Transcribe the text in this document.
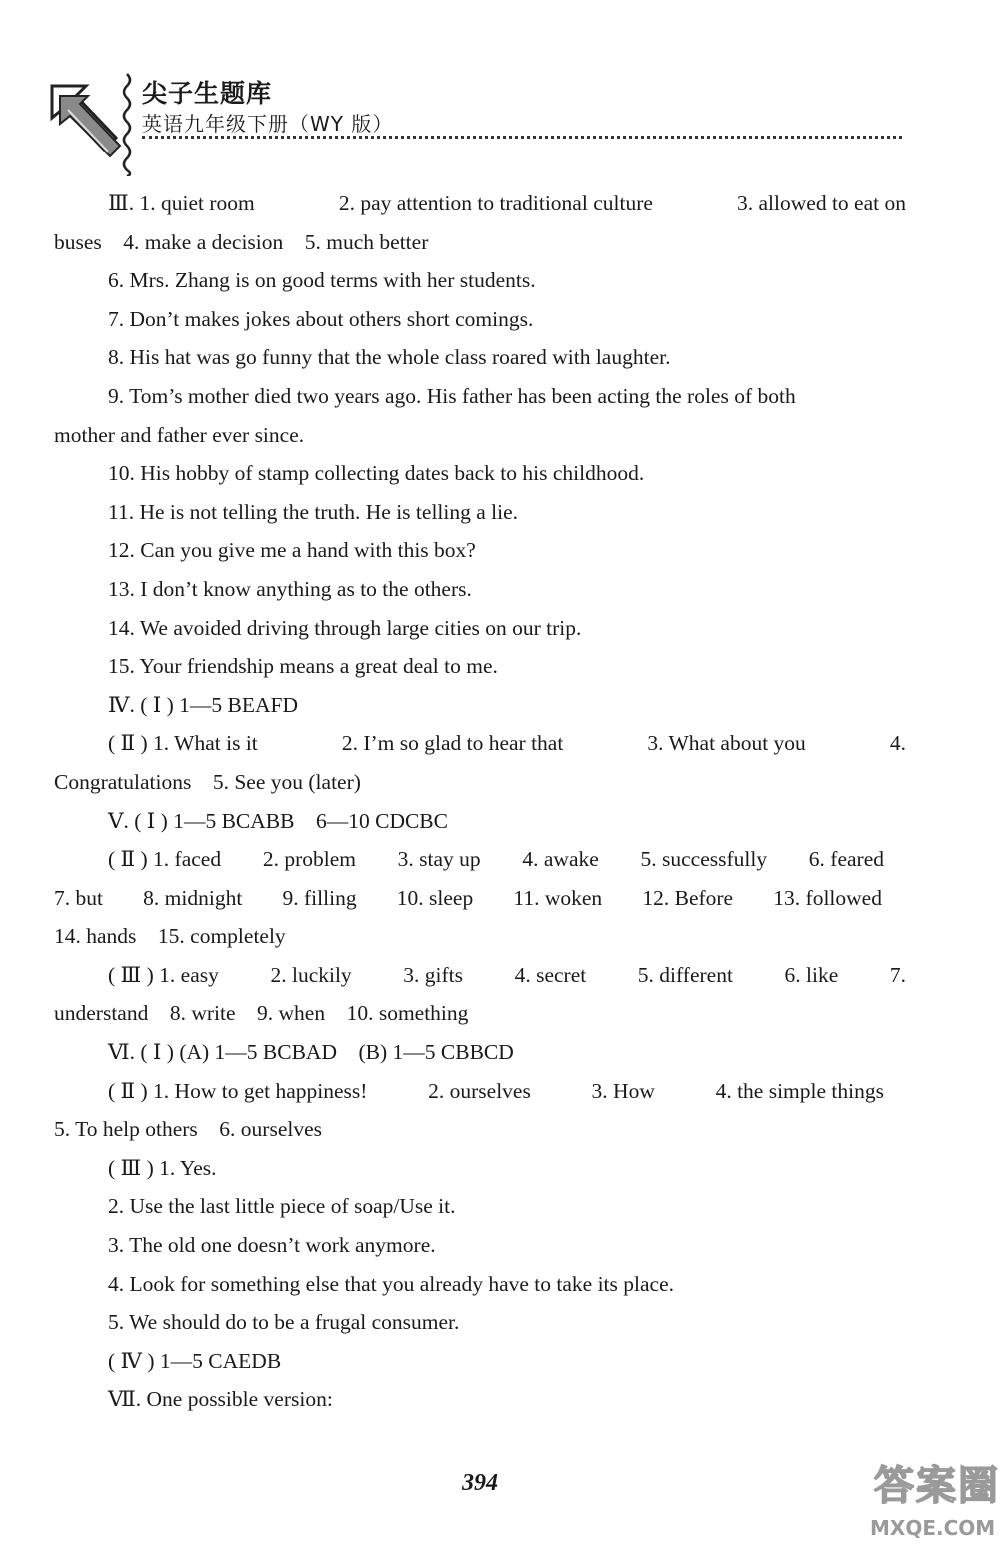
尖子生题库
英语九年级下册（WY 版）
Ⅲ. 1. quiet room	2. pay attention to traditional culture	3. allowed to eat on
buses　4. make a decision　5. much better
6. Mrs. Zhang is on good terms with her students.
7. Don’t makes jokes about others short comings.
8. His hat was go funny that the whole class roared with laughter.
9. Tom’s mother died two years ago. His father has been acting the roles of both
mother and father ever since.
10. His hobby of stamp collecting dates back to his childhood.
11. He is not telling the truth. He is telling a lie.
12. Can you give me a hand with this box?
13. I don’t know anything as to the others.
14. We avoided driving through large cities on our trip.
15. Your friendship means a great deal to me.
Ⅳ. ( Ⅰ ) 1—5 BEAFD
( Ⅱ ) 1. What is it	2. I’m so glad to hear that	3. What about you	4.
Congratulations　5. See you (later)
Ⅴ. ( Ⅰ ) 1—5 BCABB　6—10 CDCBC
( Ⅱ ) 1. faced 2. problem 3. stay up 4. awake 5. successfully 6. feared
7. but 8. midnight 9. filling 10. sleep 11. woken 12. Before 13. followed
14. hands　15. completely
( Ⅲ ) 1. easy 2. luckily 3. gifts 4. secret 5. different 6. like 7.
understand　8. write　9. when　10. something
Ⅵ. ( Ⅰ ) (A) 1—5 BCBAD　(B) 1—5 CBBCD
( Ⅱ ) 1. How to get happiness!	2. ourselves	3. How	4. the simple things
5. To help others　6. ourselves
( Ⅲ ) 1. Yes.
2. Use the last little piece of soap/Use it.
3. The old one doesn’t work anymore.
4. Look for something else that you already have to take its place.
5. We should do to be a frugal consumer.
( Ⅳ ) 1—5 CAEDB
Ⅶ. One possible version:
394	答案圈
MXQE.COM
